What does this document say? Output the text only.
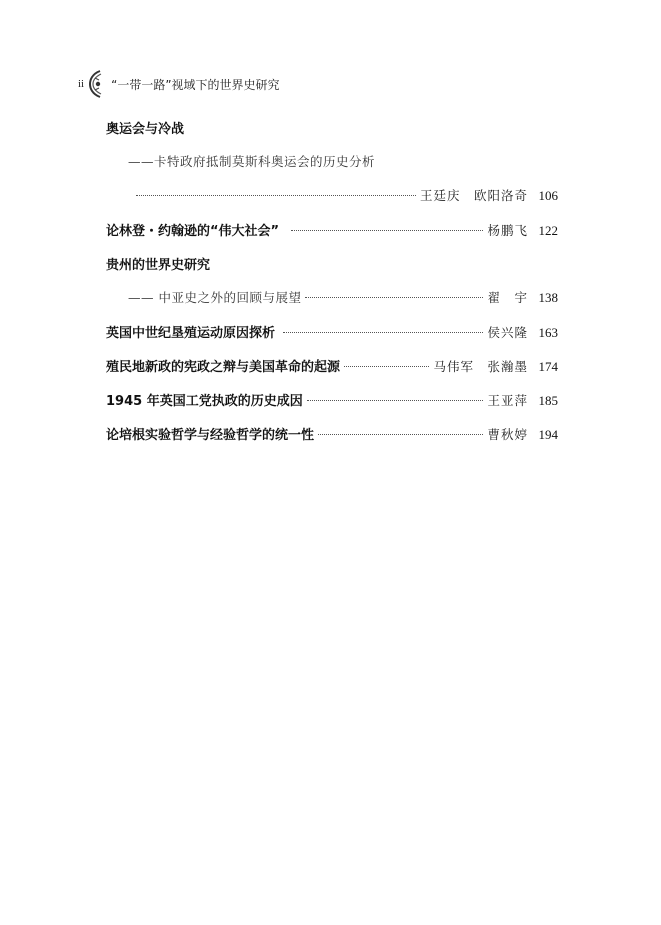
ii “一带一路”视域下的世界史研究
奥运会与冷战
——卡特政府抵制莫斯科奥运会的历史分析
王廷庆　欧阳洛奇 106
论林登・约翰逊的“伟大社会”	杨鹏飞 122
贵州的世界史研究
—— 中亚史之外的回顾与展望	翟　宇 138
英国中世纪垦殖运动原因探析	侯兴隆 163
殖民地新政的宪政之辩与美国革命的起源	马伟军　张瀚墨 174
1945 年英国工党执政的历史成因	王亚萍 185
论培根实验哲学与经验哲学的统一性	曹秋婷 194
